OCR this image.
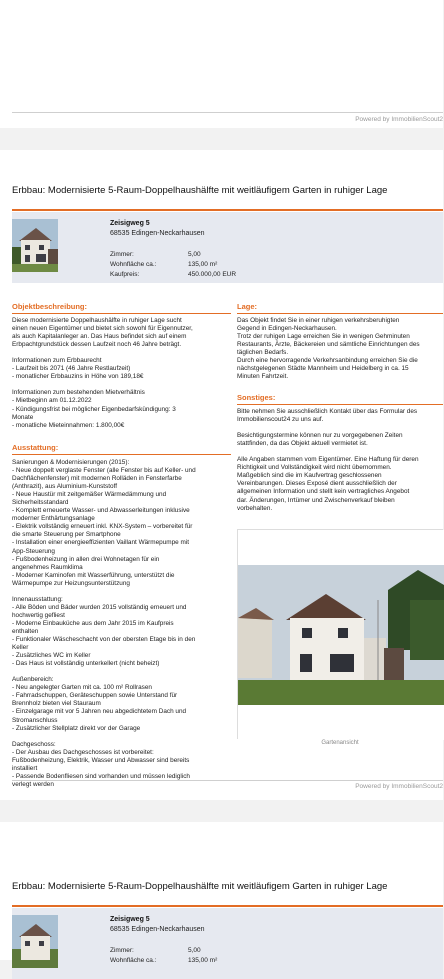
Powered by ImmobilienScout2
Erbbau: Modernisierte 5-Raum-Doppelhaushälfte mit weitläufigem Garten in ruhiger Lage
Zeisigweg 5
68535 Edingen-Neckarhausen
Zimmer:	5,00
Wohnfläche ca.:	135,00 m²
Kaufpreis:	450.000,00 EUR
Objektbeschreibung:
Diese modernisierte Doppelhaushälfte in ruhiger Lage sucht
einen neuen Eigentümer und bietet sich sowohl für Eigennutzer,
als auch Kapitalanleger an. Das Haus befindet sich auf einem
Erbpachtgrundstück dessen Laufzeit noch 46 Jahre beträgt.

Informationen zum Erbbaurecht
- Laufzeit bis 2071 (46 Jahre Restlaufzeit)
- monatlicher Erbbauzins in Höhe von 189,18€

Informationen zum bestehenden Mietverhältnis
- Mietbeginn am 01.12.2022
- Kündigungsfrist bei möglicher Eigenbedarfskündigung: 3
Monate
- monatliche Mieteinnahmen: 1.800,00€
Ausstattung:
Sanierungen & Modernisierungen (2015):
- Neue doppelt verglaste Fenster (alle Fenster bis auf Keller- und
Dachflächenfenster) mit modernen Rolläden in Fensterfarbe
(Anthrazit), aus Aluminium-Kunststoff
- Neue Haustür mit zeitgemäßer Wärmedämmung und
Sicherheitsstandard
- Komplett erneuerte Wasser- und Abwasserleitungen inklusive
moderner Enthärtungsanlage
- Elektrik vollständig erneuert inkl. KNX-System – vorbereitet für
die smarte Steuerung per Smartphone
- Installation einer energieeffizienten Vaillant Wärmepumpe mit
App-Steuerung
- Fußbodenheizung in allen drei Wohnetagen für ein
angenehmes Raumklima
- Moderner Kaminofen mit Wasserführung, unterstützt die
Wärmepumpe zur Heizungsunterstützung

Innenausstattung:
- Alle Böden und Bäder wurden 2015 vollständig erneuert und
hochwertig gefliest
- Moderne Einbauküche aus dem Jahr 2015 im Kaufpreis
enthalten
- Funktionaler Wäscheschacht von der obersten Etage bis in den
Keller
- Zusätzliches WC im Keller
- Das Haus ist vollständig unterkellert (nicht beheizt)

Außenbereich:
- Neu angelegter Garten mit ca. 100 m² Rollrasen
- Fahrradschuppen, Geräteschuppen sowie Unterstand für
Brennholz bieten viel Stauraum
- Einzelgarage mit vor 5 Jahren neu abgedichtetem Dach und
Stromanschluss
- Zusätzlicher Stellplatz direkt vor der Garage

Dachgeschoss:
- Der Ausbau des Dachgeschosses ist vorbereitet:
Fußbodenheizung, Elektrik, Wasser und Abwasser sind bereits
installiert
- Passende Bodenfliesen sind vorhanden und müssen lediglich
verlegt werden
Lage:
Das Objekt findet Sie in einer ruhigen verkehrsberuhigten
Gegend in Edingen-Neckarhausen.
Trotz der ruhigen Lage erreichen Sie in wenigen Gehminuten
Restaurants, Ärzte, Bäckereien und sämtliche Einrichtungen des
täglichen Bedarfs.
Durch eine hervorragende Verkehrsanbindung erreichen Sie die
nächstgelegenen Städte Mannheim und Heidelberg in ca. 15
Minuten Fahrtzeit.
Sonstiges:
Bitte nehmen Sie ausschließlich Kontakt über das Formular des
Immobilienscout24 zu uns auf.

Besichtigungstermine können nur zu vorgegebenen Zeiten
stattfinden, da das Objekt aktuell vermietet ist.

Alle Angaben stammen vom Eigentümer. Eine Haftung für deren
Richtigkeit und Vollständigkeit wird nicht übernommen.
Maßgeblich sind die im Kaufvertrag geschlossenen
Vereinbarungen. Dieses Exposé dient ausschließlich der
allgemeinen Information und stellt kein vertragliches Angebot
dar. Änderungen, Irrtümer und Zwischenverkauf bleiben
vorbehalten.
Gartenansicht
Powered by ImmobilienScout2
Erbbau: Modernisierte 5-Raum-Doppelhaushälfte mit weitläufigem Garten in ruhiger Lage
Zeisigweg 5
68535 Edingen-Neckarhausen
Zimmer:	5,00
Wohnfläche ca.:	135,00 m²
